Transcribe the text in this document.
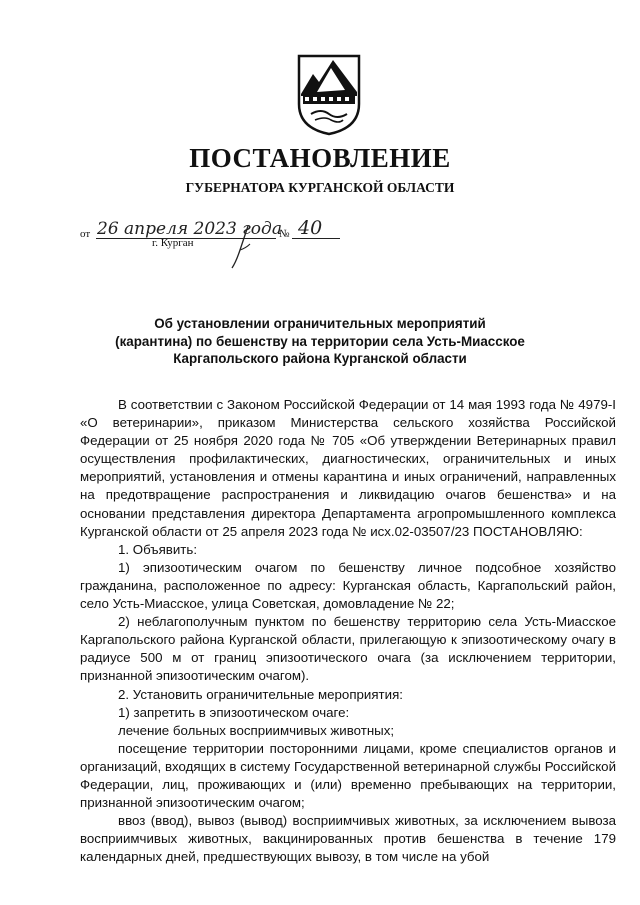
ПОСТАНОВЛЕНИЕ
ГУБЕРНАТОРА КУРГАНСКОЙ ОБЛАСТИ
от 26 апреля 2023 года
№ 40
г. Курган
Об установлении ограничительных мероприятий
(карантина) по бешенству на территории села Усть-Миасское
Каргапольского района Курганской области

В соответствии с Законом Российской Федерации от 14 мая 1993 года № 4979-I «О ветеринарии», приказом Министерства сельского хозяйства Российской Федерации от 25 ноября 2020 года № 705 «Об утверждении Ветеринарных правил осуществления профилактических, диагностических, ограничительных и иных мероприятий, установления и отмены карантина и иных ограничений, направленных на предотвращение распространения и ликвидацию очагов бешенства» и на основании представления директора Департамента агропромышленного комплекса Курганской области от 25 апреля 2023 года № исх.02-03507/23 ПОСТАНОВЛЯЮ:

1. Объявить:

1) эпизоотическим очагом по бешенству личное подсобное хозяйство гражданина, расположенное по адресу: Курганская область, Каргапольский район, село Усть-Миасское, улица Советская, домовладение № 22;

2) неблагополучным пунктом по бешенству территорию села Усть-Миасское Каргапольского района Курганской области, прилегающую к эпизоотическому очагу в радиусе 500 м от границ эпизоотического очага (за исключением территории, признанной эпизоотическим очагом).

2. Установить ограничительные мероприятия:

1) запретить в эпизоотическом очаге:

лечение больных восприимчивых животных;

посещение территории посторонними лицами, кроме специалистов органов и организаций, входящих в систему Государственной ветеринарной службы Российской Федерации, лиц, проживающих и (или) временно пребывающих на территории, признанной эпизоотическим очагом;

ввоз (ввод), вывоз (вывод) восприимчивых животных, за исключением вывоза восприимчивых животных, вакцинированных против бешенства в течение 179 календарных дней, предшествующих вывозу, в том числе на убой
